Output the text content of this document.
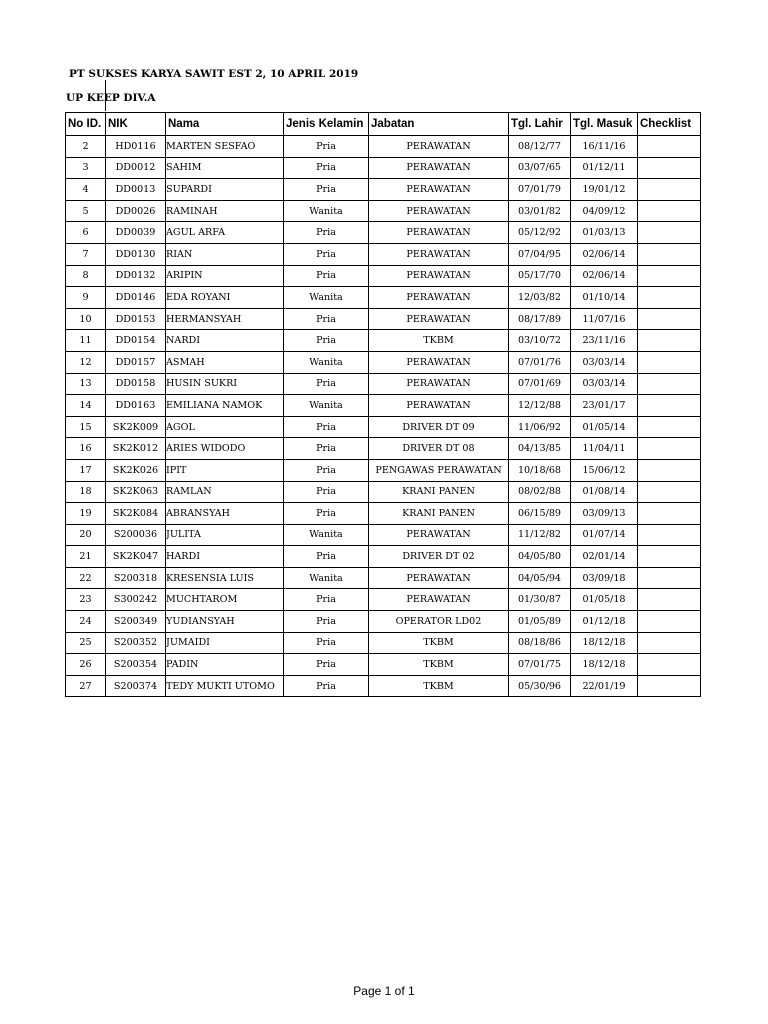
PT SUKSES KARYA SAWIT EST 2, 10 APRIL 2019
UP KEEP DIV.A
No ID.	NIK	Nama	Jenis Kelamin	Jabatan	Tgl. Lahir	Tgl. Masuk	Checklist
2	HD0116	MARTEN SESFAO	Pria	PERAWATAN	08/12/77	16/11/16	
3	DD0012	SAHIM	Pria	PERAWATAN	03/07/65	01/12/11	
4	DD0013	SUPARDI	Pria	PERAWATAN	07/01/79	19/01/12	
5	DD0026	RAMINAH	Wanita	PERAWATAN	03/01/82	04/09/12	
6	DD0039	AGUL ARFA	Pria	PERAWATAN	05/12/92	01/03/13	
7	DD0130	RIAN	Pria	PERAWATAN	07/04/95	02/06/14	
8	DD0132	ARIPIN	Pria	PERAWATAN	05/17/70	02/06/14	
9	DD0146	EDA ROYANI	Wanita	PERAWATAN	12/03/82	01/10/14	
10	DD0153	HERMANSYAH	Pria	PERAWATAN	08/17/89	11/07/16	
11	DD0154	NARDI	Pria	TKBM	03/10/72	23/11/16	
12	DD0157	ASMAH	Wanita	PERAWATAN	07/01/76	03/03/14	
13	DD0158	HUSIN SUKRI	Pria	PERAWATAN	07/01/69	03/03/14	
14	DD0163	EMILIANA NAMOK	Wanita	PERAWATAN	12/12/88	23/01/17	
15	SK2K009	AGOL	Pria	DRIVER DT 09	11/06/92	01/05/14	
16	SK2K012	ARIES WIDODO	Pria	DRIVER DT 08	04/13/85	11/04/11	
17	SK2K026	IPIT	Pria	PENGAWAS PERAWATAN	10/18/68	15/06/12	
18	SK2K063	RAMLAN	Pria	KRANI PANEN	08/02/88	01/08/14	
19	SK2K084	ABRANSYAH	Pria	KRANI PANEN	06/15/89	03/09/13	
20	S200036	JULITA	Wanita	PERAWATAN	11/12/82	01/07/14	
21	SK2K047	HARDI	Pria	DRIVER DT 02	04/05/80	02/01/14	
22	S200318	KRESENSIA LUIS	Wanita	PERAWATAN	04/05/94	03/09/18	
23	S300242	MUCHTAROM	Pria	PERAWATAN	01/30/87	01/05/18	
24	S200349	YUDIANSYAH	Pria	OPERATOR LD02	01/05/89	01/12/18	
25	S200352	JUMAIDI	Pria	TKBM	08/18/86	18/12/18	
26	S200354	PADIN	Pria	TKBM	07/01/75	18/12/18	
27	S200374	TEDY MUKTI UTOMO	Pria	TKBM	05/30/96	22/01/19	
Page 1 of 1
